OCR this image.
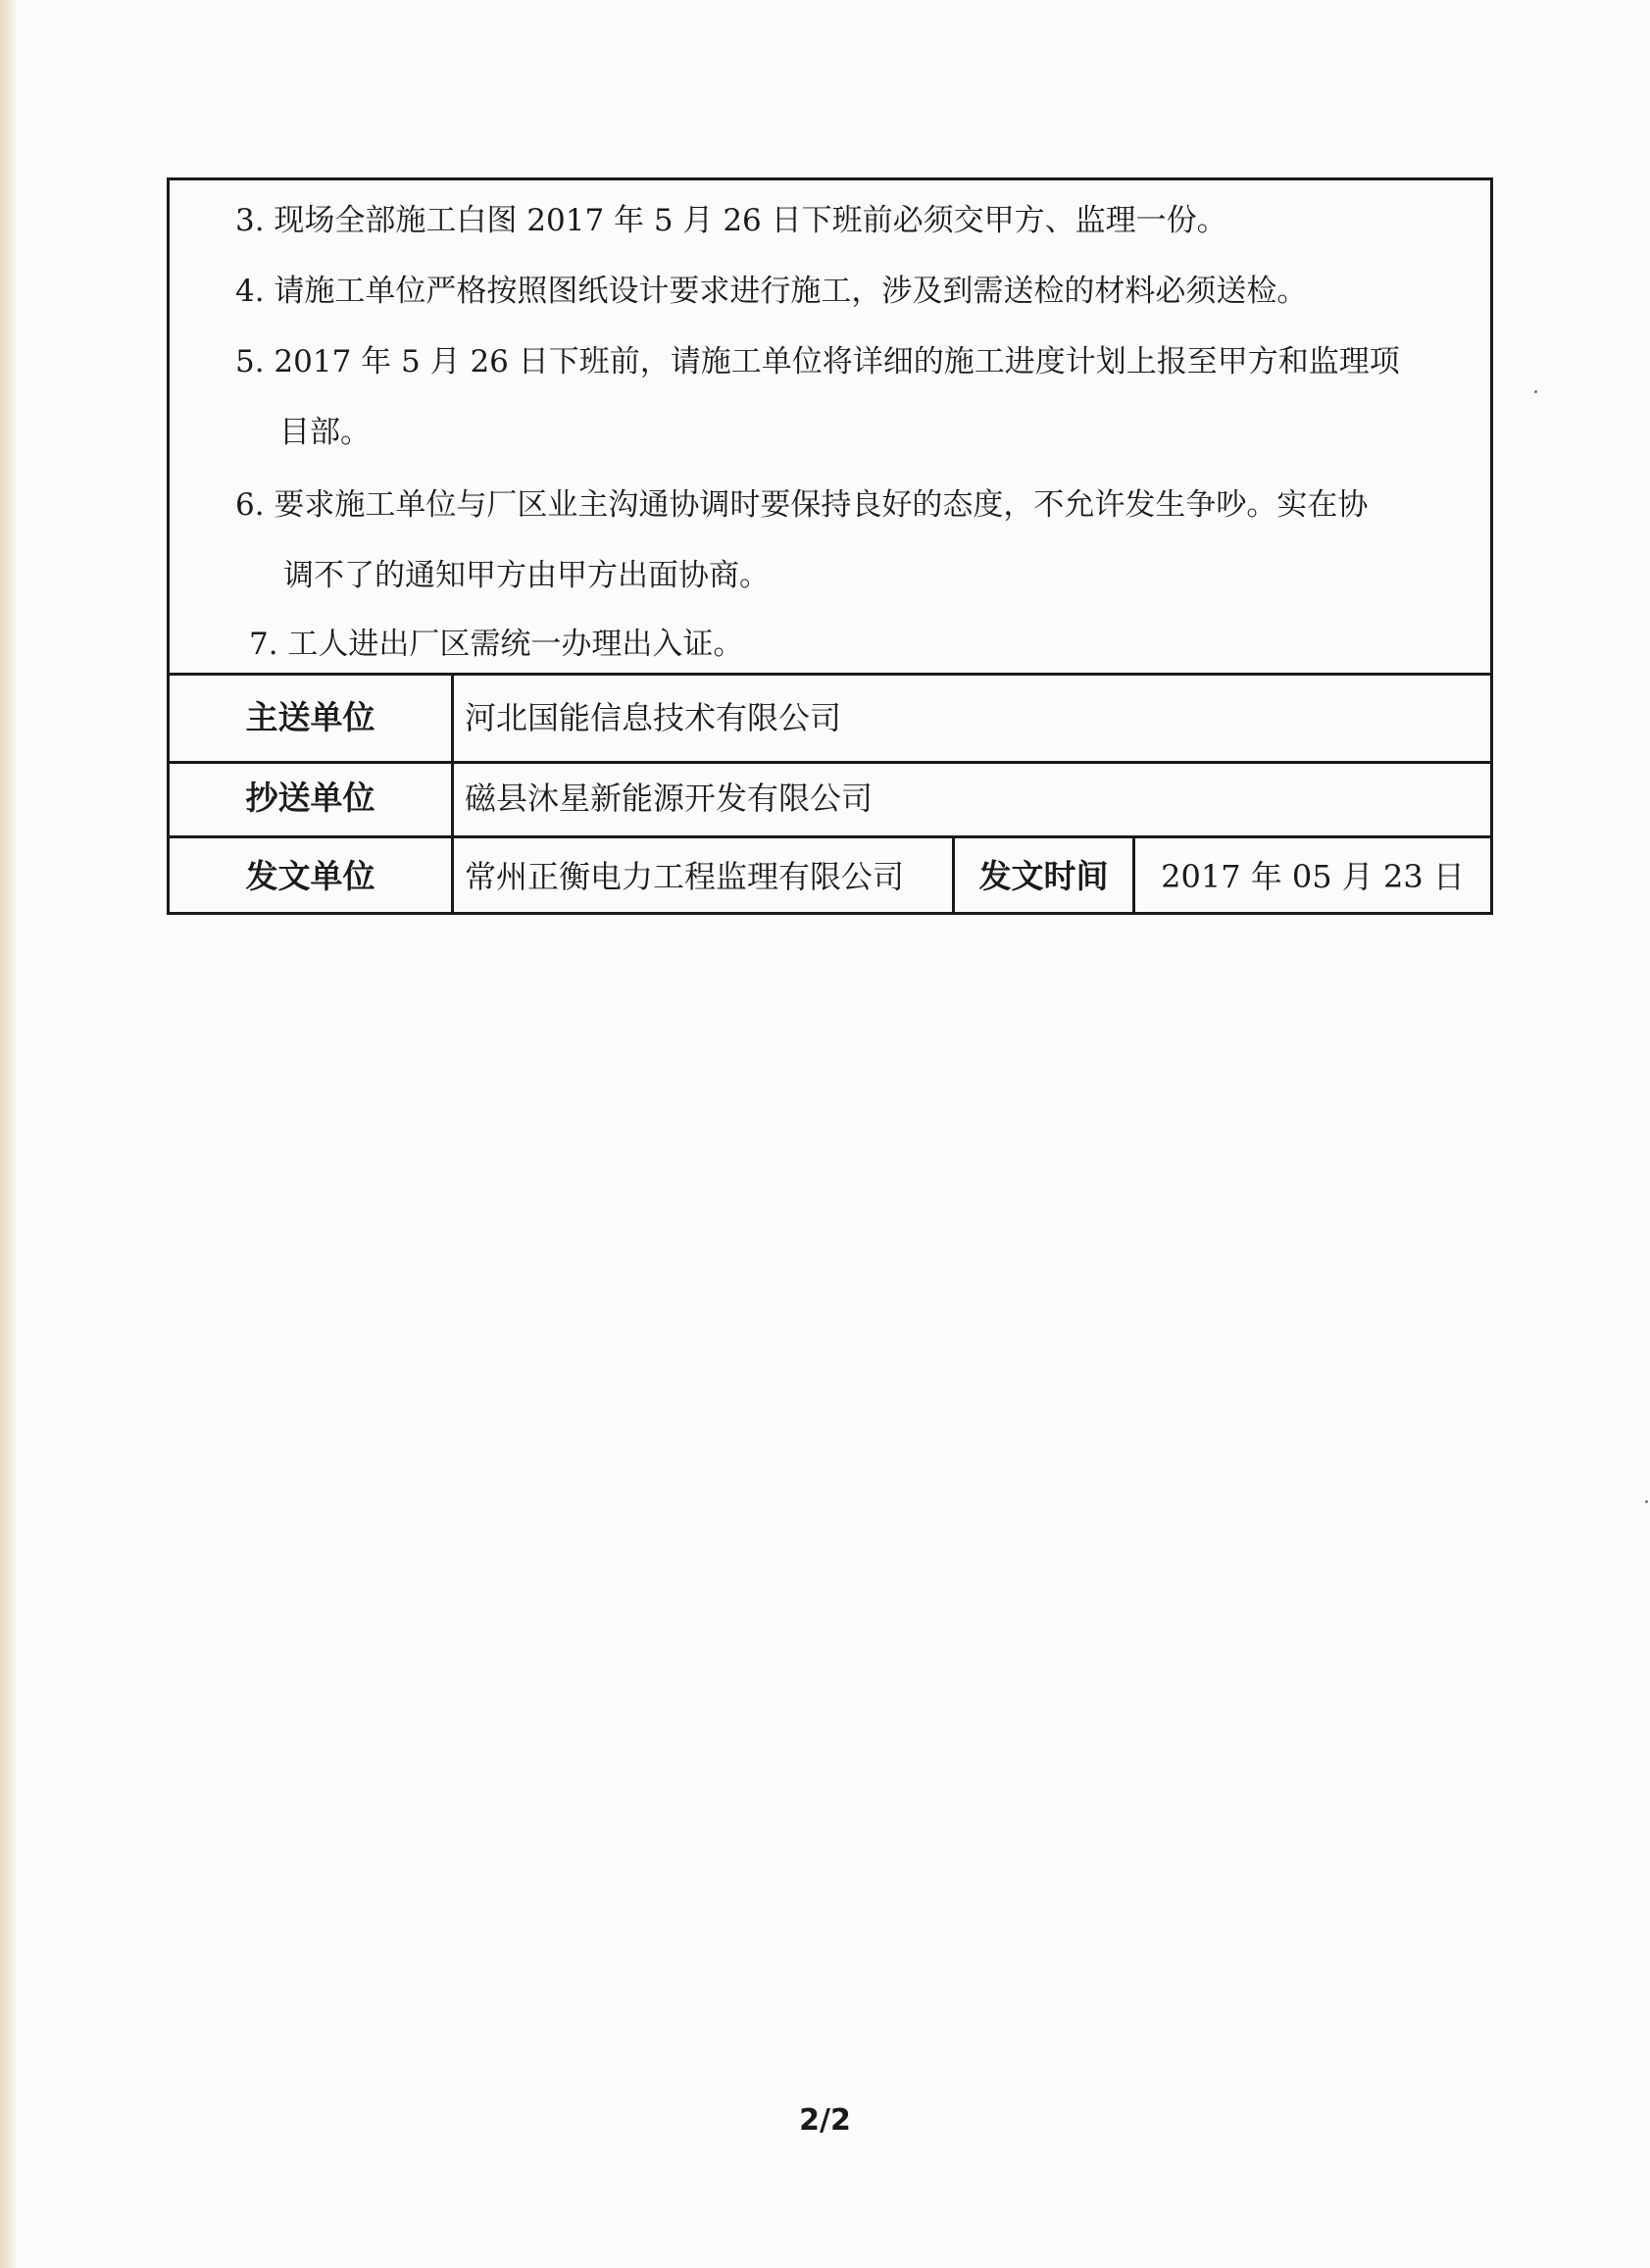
3. 现场全部施工白图 2017 年 5 月 26 日下班前必须交甲方、监理一份。
4. 请施工单位严格按照图纸设计要求进行施工，涉及到需送检的材料必须送检。
5. 2017 年 5 月 26 日下班前，请施工单位将详细的施工进度计划上报至甲方和监理项
目部。
6. 要求施工单位与厂区业主沟通协调时要保持良好的态度，不允许发生争吵。实在协
调不了的通知甲方由甲方出面协商。
7. 工人进出厂区需统一办理出入证。
主送单位	河北国能信息技术有限公司
抄送单位	磁县沐星新能源开发有限公司
发文单位	常州正衡电力工程监理有限公司	发文时间	2017 年 05 月 23 日
2/2
